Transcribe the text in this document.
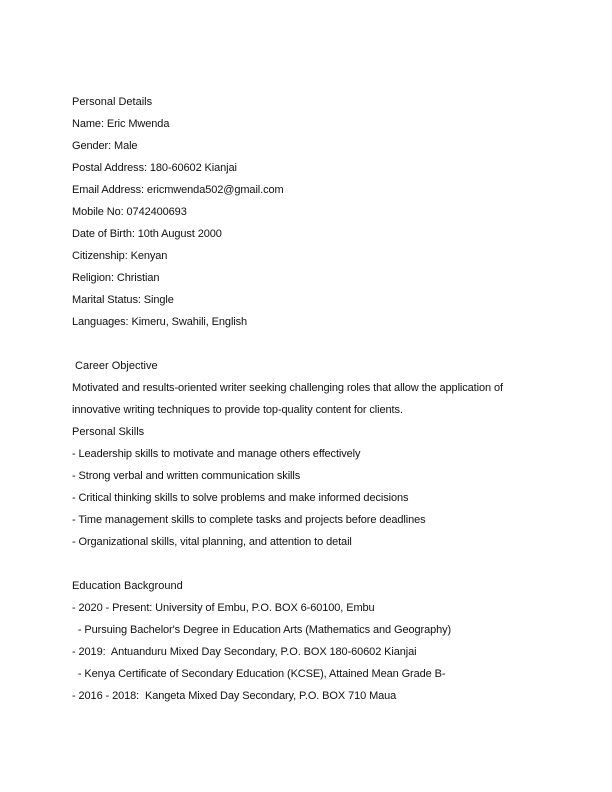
Personal Details
Name: Eric Mwenda
Gender: Male
Postal Address: 180-60602 Kianjai
Email Address: ericmwenda502@gmail.com
Mobile No: 0742400693
Date of Birth: 10th August 2000
Citizenship: Kenyan
Religion: Christian
Marital Status: Single
Languages: Kimeru, Swahili, English
Career Objective
Motivated and results-oriented writer seeking challenging roles that allow the application of
innovative writing techniques to provide top-quality content for clients.
Personal Skills
- Leadership skills to motivate and manage others effectively
- Strong verbal and written communication skills
- Critical thinking skills to solve problems and make informed decisions
- Time management skills to complete tasks and projects before deadlines
- Organizational skills, vital planning, and attention to detail
Education Background
- 2020 - Present: University of Embu, P.O. BOX 6-60100, Embu
- Pursuing Bachelor's Degree in Education Arts (Mathematics and Geography)
- 2019:  Antuanduru Mixed Day Secondary, P.O. BOX 180-60602 Kianjai
- Kenya Certificate of Secondary Education (KCSE), Attained Mean Grade B-
- 2016 - 2018:  Kangeta Mixed Day Secondary, P.O. BOX 710 Maua
